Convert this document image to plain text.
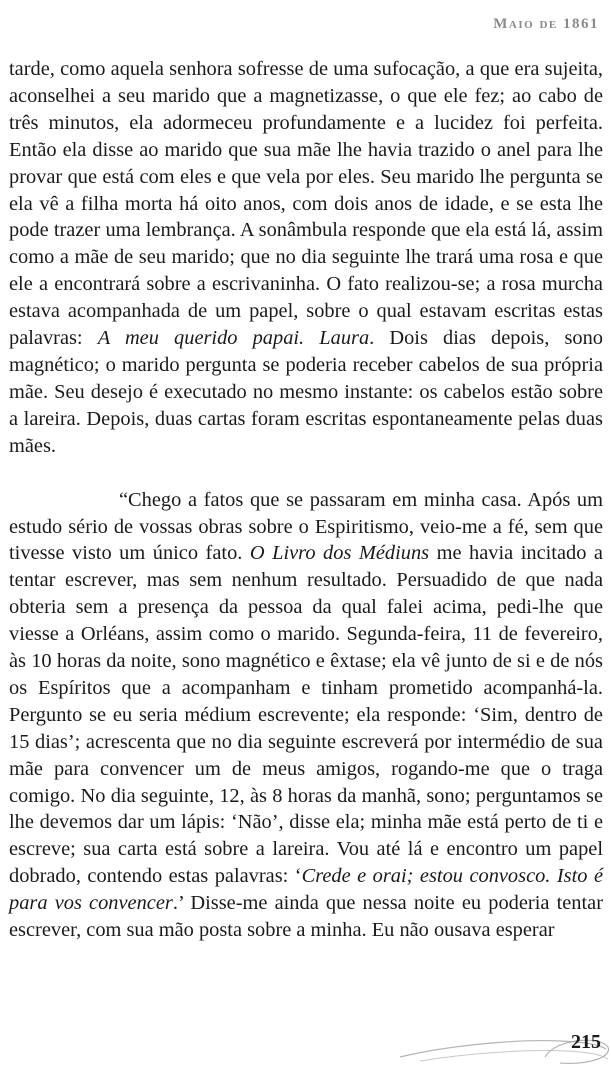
Maio de 1861

tarde, como aquela senhora sofresse de uma sufocação, a que era sujeita, aconselhei a seu marido que a magnetizasse, o que ele fez; ao cabo de três minutos, ela adormeceu profundamente e a lucidez foi perfeita. Então ela disse ao marido que sua mãe lhe havia trazido o anel para lhe provar que está com eles e que vela por eles. Seu marido lhe pergunta se ela vê a filha morta há oito anos, com dois anos de idade, e se esta lhe pode trazer uma lembrança. A sonâmbula responde que ela está lá, assim como a mãe de seu marido; que no dia seguinte lhe trará uma rosa e que ele a encontrará sobre a escrivaninha. O fato realizou-se; a rosa murcha estava acompanhada de um papel, sobre o qual estavam escritas estas palavras: A meu querido papai. Laura. Dois dias depois, sono magnético; o marido pergunta se poderia receber cabelos de sua própria mãe. Seu desejo é executado no mesmo instante: os cabelos estão sobre a lareira. Depois, duas cartas foram escritas espontaneamente pelas duas mães.

“Chego a fatos que se passaram em minha casa. Após um estudo sério de vossas obras sobre o Espiritismo, veio-me a fé, sem que tivesse visto um único fato. O Livro dos Médiuns me havia incitado a tentar escrever, mas sem nenhum resultado. Persuadido de que nada obteria sem a presença da pessoa da qual falei acima, pedi-lhe que viesse a Orléans, assim como o marido. Segunda-feira, 11 de fevereiro, às 10 horas da noite, sono magnético e êxtase; ela vê junto de si e de nós os Espíritos que a acompanham e tinham prometido acompanhá-la. Pergunto se eu seria médium escrevente; ela responde: ‘Sim, dentro de 15 dias’; acrescenta que no dia seguinte escreverá por intermédio de sua mãe para convencer um de meus amigos, rogando-me que o traga comigo. No dia seguinte, 12, às 8 horas da manhã, sono; perguntamos se lhe devemos dar um lápis: ‘Não’, disse ela; minha mãe está perto de ti e escreve; sua carta está sobre a lareira. Vou até lá e encontro um papel dobrado, contendo estas palavras: ‘Crede e orai; estou convosco. Isto é para vos convencer.’ Disse-me ainda que nessa noite eu poderia tentar escrever, com sua mão posta sobre a minha. Eu não ousava esperar

215
